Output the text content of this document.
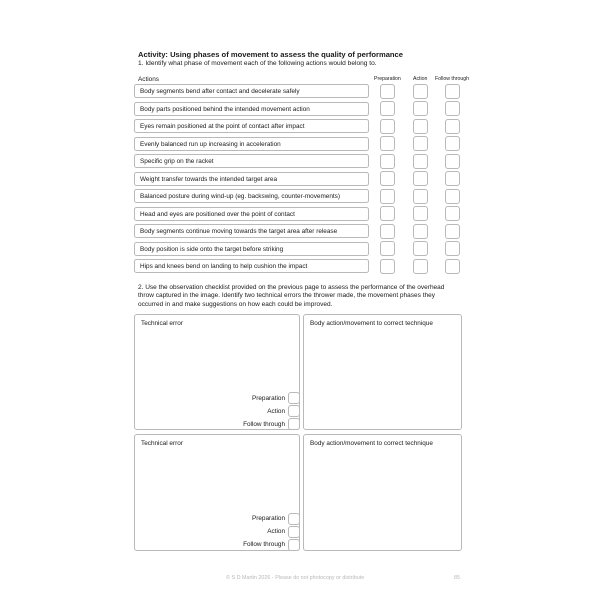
Activity: Using phases of movement to assess the quality of performance
1. Identify what phase of movement each of the following actions would belong to.
Actions	Preparation Action Follow through
Body segments bend after contact and decelerate safely
Body parts positioned behind the intended movement action
Eyes remain positioned at the point of contact after impact
Evenly balanced run up increasing in acceleration
Specific grip on the racket
Weight transfer towards the intended target area
Balanced posture during wind-up (eg. backswing, counter-movements)
Head and eyes are positioned over the point of contact
Body segments continue moving towards the target area after release
Body position is side onto the target before striking
Hips and knees bend on landing to help cushion the impact
2. Use the observation checklist provided on the previous page to assess the performance of the overhead throw captured in the image. Identify two technical errors the thrower made, the movement phases they occurred in and make suggestions on how each could be improved.
Technical error
Preparation
Action
Follow through
Body action/movement to correct technique
Technical error
Preparation
Action
Follow through
Body action/movement to correct technique
© S D Martin 2026 - Please do not photocopy or distribute	85
